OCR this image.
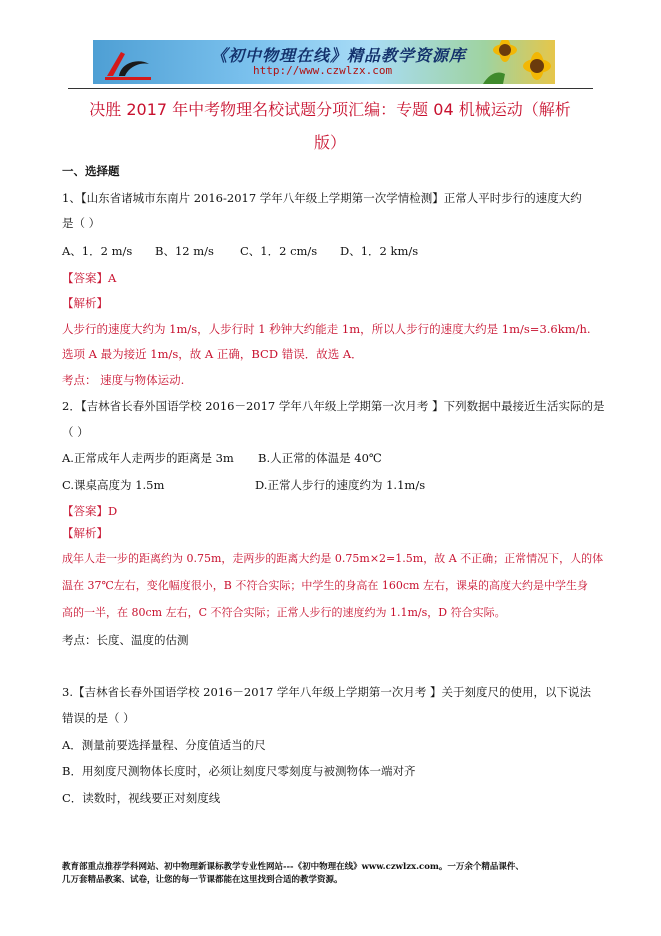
《初中物理在线》精品教学资源库
http://www.czwlzx.com
决胜 2017 年中考物理名校试题分项汇编：专题 04 机械运动（解析
版）
一、选择题
1、【山东省诸城市东南片 2016-2017 学年八年级上学期第一次学情检测】正常人平时步行的速度大约
是（ ）
A、1．2 m/s B、12 m/s C、1．2 cm/s D、1．2 km/s
【答案】A
【解析】
人步行的速度大约为 1m/s，人步行时 1 秒钟大约能走 1m，所以人步行的速度大约是 1m/s=3.6km/h.
选项 A 最为接近 1m/s，故 A 正确，BCD 错误．故选 A．
考点： 速度与物体运动.
2．【吉林省长春外国语学校 2016－2017 学年八年级上学期第一次月考 】下列数据中最接近生活实际的是
（ ）
A.正常成年人走两步的距离是 3m B.人正常的体温是 40℃
C.课桌高度为 1.5m	D.正常人步行的速度约为 1.1m/s
【答案】D
【解析】
成年人走一步的距离约为 0.75m，走两步的距离大约是 0.75m×2=1.5m，故 A 不正确；正常情况下，人的体
温在 37℃左右，变化幅度很小，B 不符合实际；中学生的身高在 160cm 左右，课桌的高度大约是中学生身
高的一半，在 80cm 左右，C 不符合实际；正常人步行的速度约为 1.1m/s，D 符合实际。
考点：长度、温度的估测
3.【吉林省长春外国语学校 2016－2017 学年八年级上学期第一次月考 】关于刻度尺的使用，以下说法
错误的是（ ）
A．测量前要选择量程、分度值适当的尺
B．用刻度尺测物体长度时，必须让刻度尺零刻度与被测物体一端对齐
C．读数时，视线要正对刻度线
教育部重点推荐学科网站、初中物理新课标教学专业性网站---《初中物理在线》www.czwlzx.com。一万余个精品课件、
几万套精品教案、试卷，让您的每一节课都能在这里找到合适的教学资源。
